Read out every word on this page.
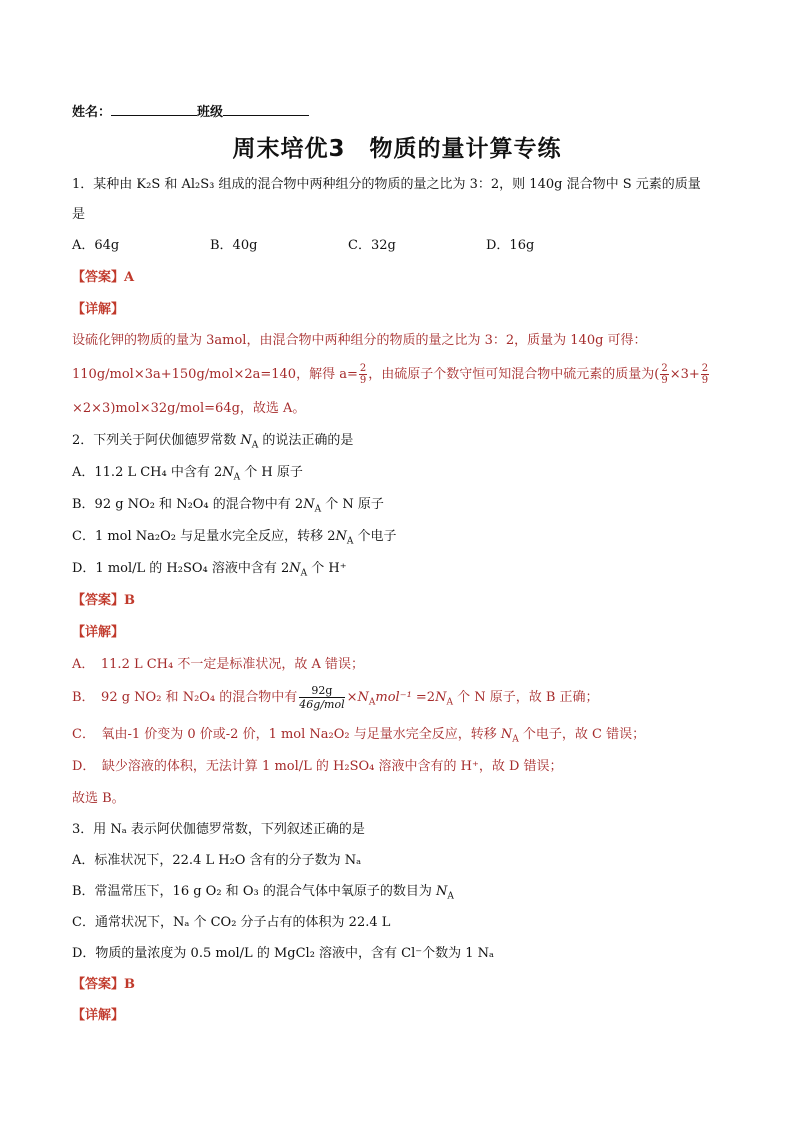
姓名：	班级
周末培优3　物质的量计算专练
1．某种由 K₂S 和 Al₂S₃ 组成的混合物中两种组分的物质的量之比为 3：2，则 140g 混合物中 S 元素的质量
是
A．64g	B．40g	C．32g	D．16g
【答案】A
【详解】
设硫化钾的物质的量为 3amol，由混合物中两种组分的物质的量之比为 3：2，质量为 140g 可得：
110g/mol×3a+150g/mol×2a=140，解得 $a= \frac{2}{9}$ ，由硫原子个数守恒可知混合物中硫元素的质量为( $\frac{2}{9} \times 3+ \frac{2}{9}$
×2×3)mol×32g/mol=64g，故选 A。
2．下列关于阿伏伽德罗常数 $N_A$ 的说法正确的是
A．11.2 L CH₄ 中含有 $2N_A$ 个 H 原子
B．92 g NO₂ 和 N₂O₄ 的混合物中有 $2N_A$ 个 N 原子
C．1 mol Na₂O₂ 与足量水完全反应，转移 $2N_A$ 个电子
D．1 mol/L 的 H₂SO₄ 溶液中含有 $2N_A$ 个 H⁺
【答案】B
【详解】
A．　11.2 L CH₄ 不一定是标准状况，故 A 错误；
B．　92 g NO₂ 和 N₂O₄ 的混合物中有 $\frac{92g}{\text{46g/mol}} \times N_Amol^{-1} =2N_A$ 个 N 原子，故 B 正确；
C．　氧由-1 价变为 0 价或-2 价，1 mol Na₂O₂ 与足量水完全反应，转移 $N_A$ 个电子，故 C 错误；
D．　缺少溶液的体积，无法计算 1 mol/L 的 H₂SO₄ 溶液中含有的 H⁺，故 D 错误；
故选 B。
3．用 Nₐ 表示阿伏伽德罗常数，下列叙述正确的是
A．标准状况下，22.4 L H₂O 含有的分子数为 Nₐ
B．常温常压下，16 g O₂ 和 O₃ 的混合气体中氧原子的数目为 $N_A$
C．通常状况下，Nₐ 个 CO₂ 分子占有的体积为 22.4 L
D．物质的量浓度为 0.5 mol/L 的 MgCl₂ 溶液中，含有 Cl⁻个数为 1 Nₐ
【答案】B
【详解】
